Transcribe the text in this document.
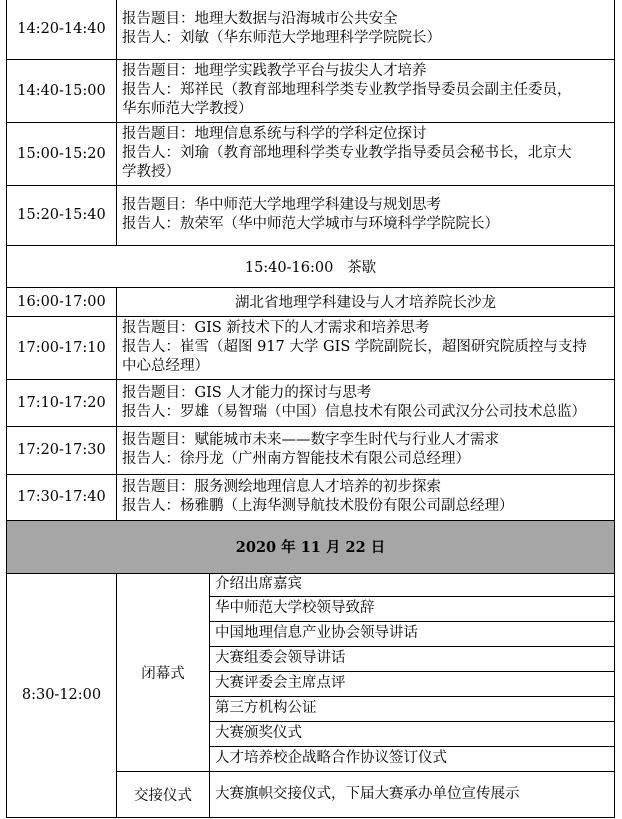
14:20-14:40	报告题目：地理大数据与沿海城市公共安全
报告人：刘敏（华东师范大学地理科学学院院长）	

14:40-15:00	报告题目：地理学实践教学平台与拔尖人才培养
报告人：郑祥民（教育部地理科学类专业教学指导委员会副主任委员，
华东师范大学教授）	

15:00-15:20	报告题目：地理信息系统与科学的学科定位探讨
报告人：刘瑜（教育部地理科学类专业教学指导委员会秘书长，北京大
学教授）	

15:20-15:40	报告题目：华中师范大学地理学科建设与规划思考
报告人：敖荣军（华中师范大学城市与环境科学学院院长）	

15:40-16:00   茶歇		
16:00-17:00	湖北省地理学科建设与人才培养院长沙龙	
17:00-17:10	报告题目：GIS 新技术下的人才需求和培养思考
报告人：崔雪（超图 917 大学 GIS 学院副院长，超图研究院质控与支持
中心总经理）	

17:10-17:20	报告题目：GIS 人才能力的探讨与思考
报告人：罗雄（易智瑞（中国）信息技术有限公司武汉分公司技术总监）	

17:20-17:30	报告题目：赋能城市未来——数字孪生时代与行业人才需求
报告人：徐丹龙（广州南方智能技术有限公司总经理）	

17:30-17:40	报告题目：服务测绘地理信息人才培养的初步探索
报告人：杨雅鹏（上海华测导航技术股份有限公司副总经理）	

2020 年 11 月 22 日		
8:30-12:00	闭幕式	介绍出席嘉宾
		华中师范大学校领导致辞
		中国地理信息产业协会领导讲话
		大赛组委会领导讲话
		大赛评委会主席点评
		第三方机构公证
		大赛颁奖仪式
		人才培养校企战略合作协议签订仪式
	交接仪式	大赛旗帜交接仪式，下届大赛承办单位宣传展示
